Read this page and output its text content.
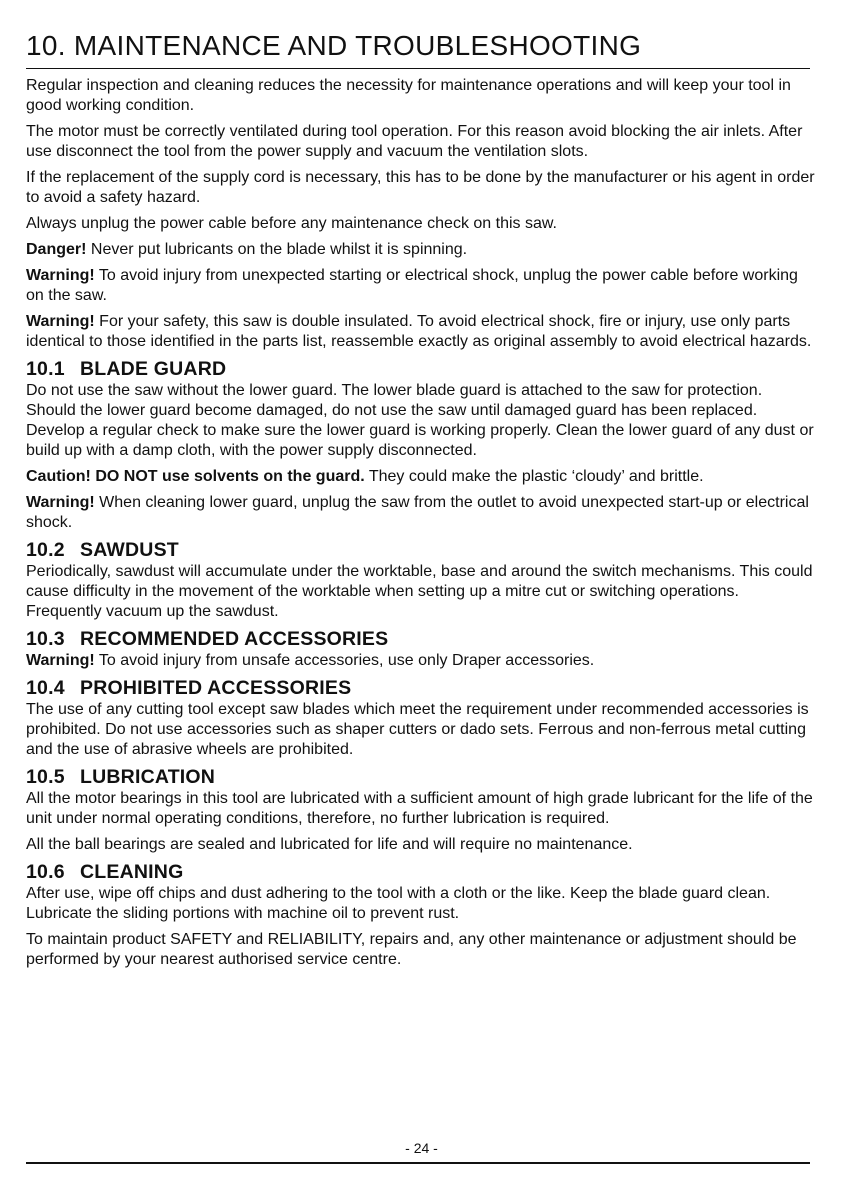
10. MAINTENANCE AND TROUBLESHOOTING

Regular inspection and cleaning reduces the necessity for maintenance operations and will keep your tool in good working condition.

The motor must be correctly ventilated during tool operation. For this reason avoid blocking the air inlets. After use disconnect the tool from the power supply and vacuum the ventilation slots.

If the replacement of the supply cord is necessary, this has to be done by the manufacturer or his agent in order to avoid a safety hazard.

Always unplug the power cable before any maintenance check on this saw.

Danger! Never put lubricants on the blade whilst it is spinning.

Warning! To avoid injury from unexpected starting or electrical shock, unplug the power cable before working on the saw.

Warning! For your safety, this saw is double insulated. To avoid electrical shock, fire or injury, use only parts identical to those identified in the parts list, reassemble exactly as original assembly to avoid electrical hazards.

10.1 BLADE GUARD

Do not use the saw without the lower guard. The lower blade guard is attached to the saw for protection. Should the lower guard become damaged, do not use the saw until damaged guard has been replaced. Develop a regular check to make sure the lower guard is working properly. Clean the lower guard of any dust or build up with a damp cloth, with the power supply disconnected.

Caution! DO NOT use solvents on the guard. They could make the plastic ‘cloudy’ and brittle.

Warning! When cleaning lower guard, unplug the saw from the outlet to avoid unexpected start-up or electrical shock.

10.2 SAWDUST

Periodically, sawdust will accumulate under the worktable, base and around the switch mechanisms. This could cause difficulty in the movement of the worktable when setting up a mitre cut or switching operations. Frequently vacuum up the sawdust.

10.3 RECOMMENDED ACCESSORIES

Warning! To avoid injury from unsafe accessories, use only Draper accessories.

10.4 PROHIBITED ACCESSORIES

The use of any cutting tool except saw blades which meet the requirement under recommended accessories is prohibited. Do not use accessories such as shaper cutters or dado sets. Ferrous and non-ferrous metal cutting and the use of abrasive wheels are prohibited.

10.5 LUBRICATION

All the motor bearings in this tool are lubricated with a sufficient amount of high grade lubricant for the life of the unit under normal operating conditions, therefore, no further lubrication is required.

All the ball bearings are sealed and lubricated for life and will require no maintenance.

10.6 CLEANING

After use, wipe off chips and dust adhering to the tool with a cloth or the like. Keep the blade guard clean. Lubricate the sliding portions with machine oil to prevent rust.

To maintain product SAFETY and RELIABILITY, repairs and, any other maintenance or adjustment should be performed by your nearest authorised service centre.

- 24 -
